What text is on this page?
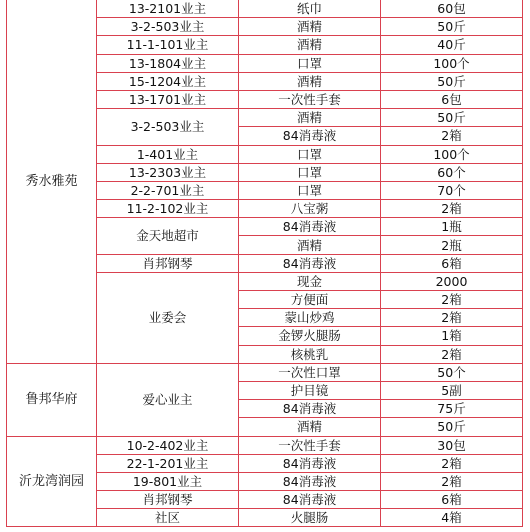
秀水雅苑	13-2101业主	纸巾	60包
	3-2-503业主	酒精	50斤
	11-1-101业主	酒精	40斤
	13-1804业主	口罩	100个
	15-1204业主	酒精	50斤
	13-1701业主	一次性手套	6包
	3-2-503业主	酒精	50斤
		84消毒液	2箱
	1-401业主	口罩	100个
	13-2303业主	口罩	60个
	2-2-701业主	口罩	70个
	11-2-102业主	八宝粥	2箱
	金天地超市	84消毒液	1瓶
		酒精	2瓶
	肖邦钢琴	84消毒液	6箱
	业委会	现金	2000
		方便面	2箱
		蒙山炒鸡	2箱
		金锣火腿肠	1箱
		核桃乳	2箱
鲁邦华府	爱心业主	一次性口罩	50个
		护目镜	5副
		84消毒液	75斤
		酒精	50斤
沂龙湾润园	10-2-402业主	一次性手套	30包
	22-1-201业主	84消毒液	2箱
	19-801业主	84消毒液	2箱
	肖邦钢琴	84消毒液	6箱
	社区	火腿肠	4箱
